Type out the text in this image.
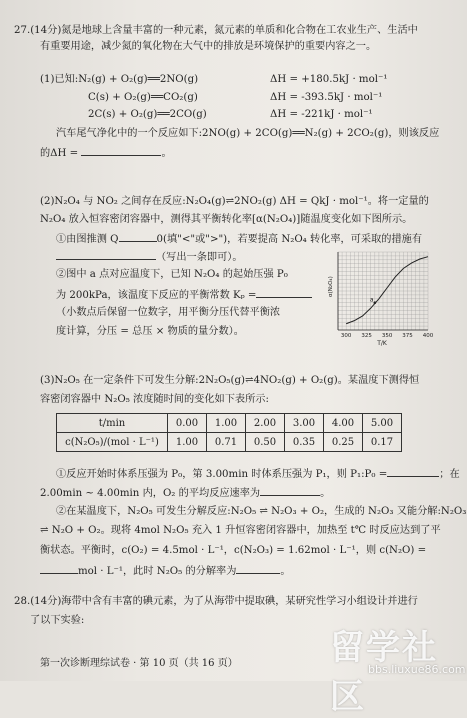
27.(14分)氮是地球上含量丰富的一种元素，氮元素的单质和化合物在工农业生产、生活中
有重要用途，减少氮的氧化物在大气中的排放是环境保护的重要内容之一。
(1)已知:N₂(g) + O₂(g)══2NO(g)	ΔH = +180.5kJ · mol⁻¹
C(s) + O₂(g)══CO₂(g)	ΔH = -393.5kJ · mol⁻¹
2C(s) + O₂(g)══2CO(g)	ΔH = -221kJ · mol⁻¹
汽车尾气净化中的一个反应如下:2NO(g) + 2CO(g)══N₂(g) + 2CO₂(g)，则该反应
的ΔH =	。
(2)N₂O₄ 与 NO₂ 之间存在反应:N₂O₄(g)⇌2NO₂(g) ΔH = QkJ · mol⁻¹。将一定量的
N₂O₄ 放入恒容密闭容器中，测得其平衡转化率[α(N₂O₄)]随温度变化如下图所示。
①由图推测 Q	0(填"<"或">")，若要提高 N₂O₄ 转化率，可采取的措施有
（写出一条即可）。
②图中 a 点对应温度下，已知 N₂O₄ 的起始压强 P₀
为 200kPa，该温度下反应的平衡常数 Kₚ =
（小数点后保留一位数字，用平衡分压代替平衡浓
度计算，分压 = 总压 × 物质的量分数）。	300 325 350 375 400
a
α(N₂O₄)
T/K
(3)N₂O₅ 在一定条件下可发生分解:2N₂O₅(g)⇌4NO₂(g) + O₂(g)。某温度下测得恒
容密闭容器中 N₂O₅ 浓度随时间的变化如下表所示:
t/min	0.00	1.00	2.00	3.00	4.00	5.00
c(N₂O₅)/(mol · L⁻¹)	1.00	0.71	0.50	0.35	0.25	0.17
①反应开始时体系压强为 P₀，第 3.00min 时体系压强为 P₁，则 P₁:P₀ =	；在
2.00min ~ 4.00min 内，O₂ 的平均反应速率为	。
②在某温度下，N₂O₅ 可发生分解反应:N₂O₅ ⇌ N₂O₃ + O₂，生成的 N₂O₃ 又能分解:N₂O₃
⇌ N₂O + O₂。现将 4mol N₂O₅ 充入 1 升恒容密闭容器中，加热至 t℃ 时反应达到了平
衡状态。平衡时，c(O₂) = 4.5mol · L⁻¹，c(N₂O₃) = 1.62mol · L⁻¹，则 c(N₂O) =
mol · L⁻¹，此时 N₂O₅ 的分解率为	。
28.(14分)海带中含有丰富的碘元素，为了从海带中提取碘，某研究性学习小组设计并进行
了以下实验:
第一次诊断理综试卷 · 第 10 页（共 16 页）	留学社区
bbs.liuxue86.com
